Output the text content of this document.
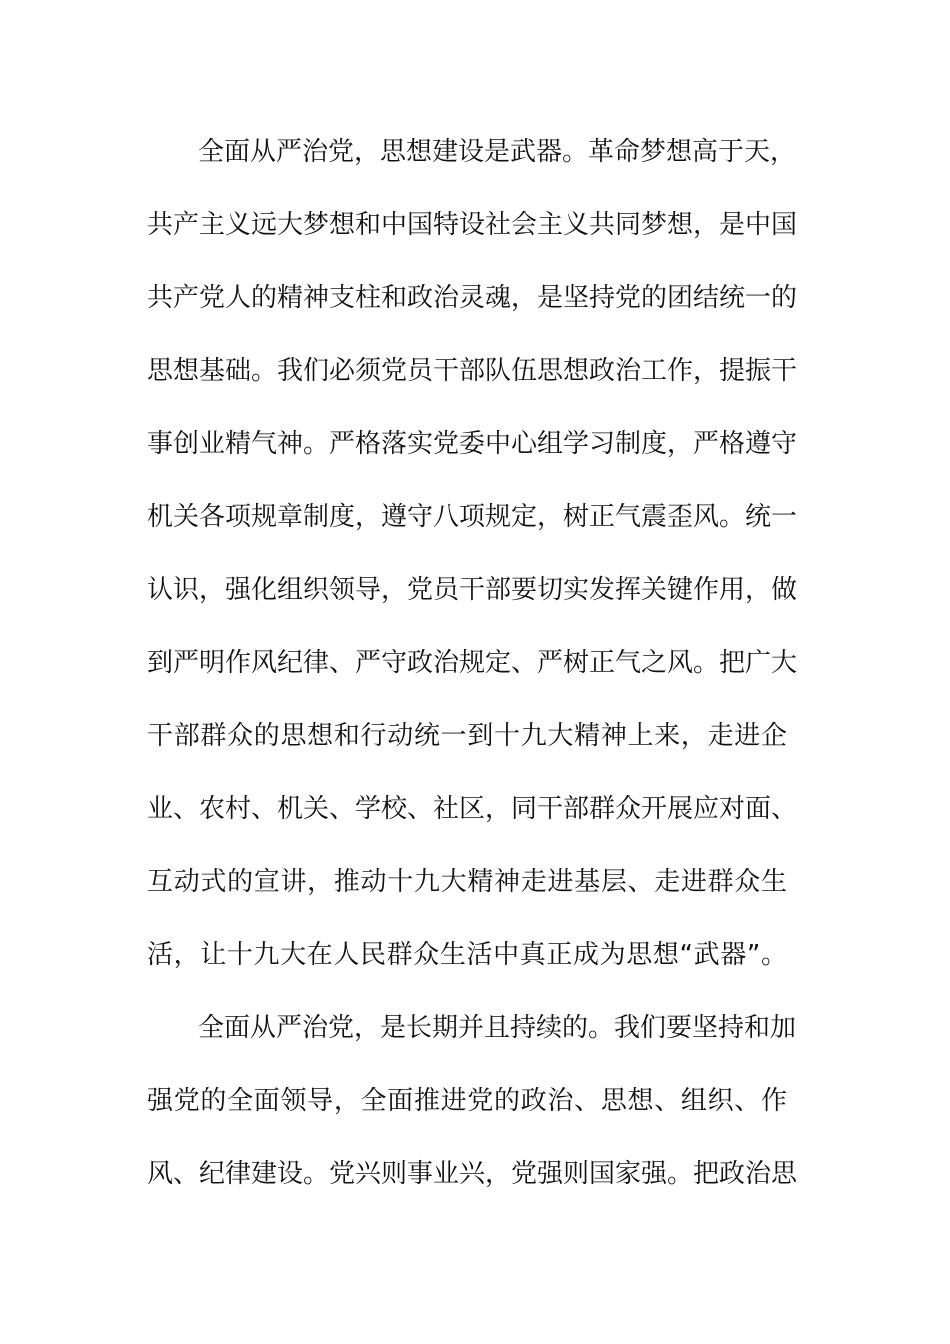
全面从严治党，思想建设是武器。革命梦想高于天，
共产主义远大梦想和中国特设社会主义共同梦想，是中国
共产党人的精神支柱和政治灵魂，是坚持党的团结统一的
思想基础。我们必须党员干部队伍思想政治工作，提振干
事创业精气神。严格落实党委中心组学习制度，严格遵守
机关各项规章制度，遵守八项规定，树正气震歪风。统一
认识，强化组织领导，党员干部要切实发挥关键作用，做
到严明作风纪律、严守政治规定、严树正气之风。把广大
干部群众的思想和行动统一到十九大精神上来，走进企
业、农村、机关、学校、社区，同干部群众开展应对面、
互动式的宣讲，推动十九大精神走进基层、走进群众生
活，让十九大在人民群众生活中真正成为思想“武器”。
全面从严治党，是长期并且持续的。我们要坚持和加
强党的全面领导，全面推进党的政治、思想、组织、作
风、纪律建设。党兴则事业兴，党强则国家强。把政治思
